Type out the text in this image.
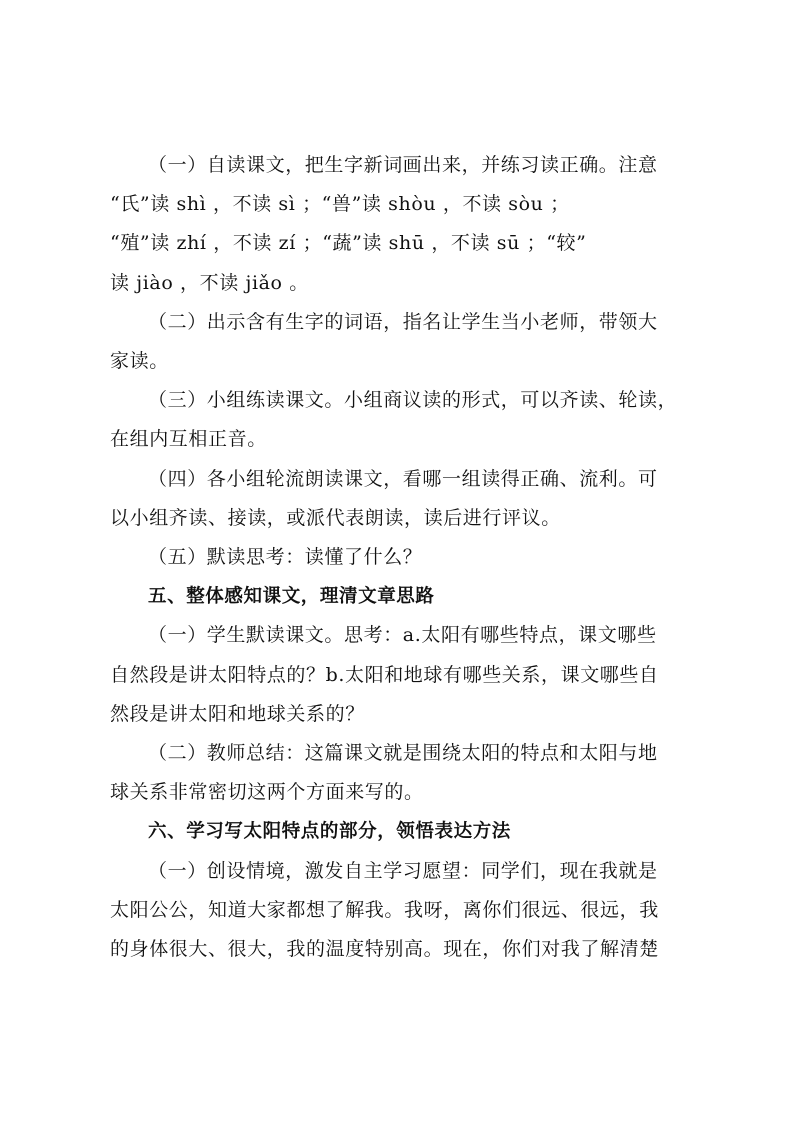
（一）自读课文，把生字新词画出来，并练习读正确。注意
“氏”读 shì ，不读 sì ；“兽”读 shòu ，不读 sòu ；
“殖”读 zhí ，不读 zí ；“蔬”读 shū ，不读 sū ；“较”
读 jiào ，不读 jiǎo 。
（二）出示含有生字的词语，指名让学生当小老师，带领大
家读。
（三）小组练读课文。小组商议读的形式，可以齐读、轮读，
在组内互相正音。
（四）各小组轮流朗读课文，看哪一组读得正确、流利。可
以小组齐读、接读，或派代表朗读，读后进行评议。
（五）默读思考：读懂了什么？
五、整体感知课文，理清文章思路
（一）学生默读课文。思考：a.太阳有哪些特点，课文哪些
自然段是讲太阳特点的？b.太阳和地球有哪些关系，课文哪些自
然段是讲太阳和地球关系的？
（二）教师总结：这篇课文就是围绕太阳的特点和太阳与地
球关系非常密切这两个方面来写的。
六、学习写太阳特点的部分，领悟表达方法
（一）创设情境，激发自主学习愿望：同学们，现在我就是
太阳公公，知道大家都想了解我。我呀，离你们很远、很远，我
的身体很大、很大，我的温度特别高。现在，你们对我了解清楚
